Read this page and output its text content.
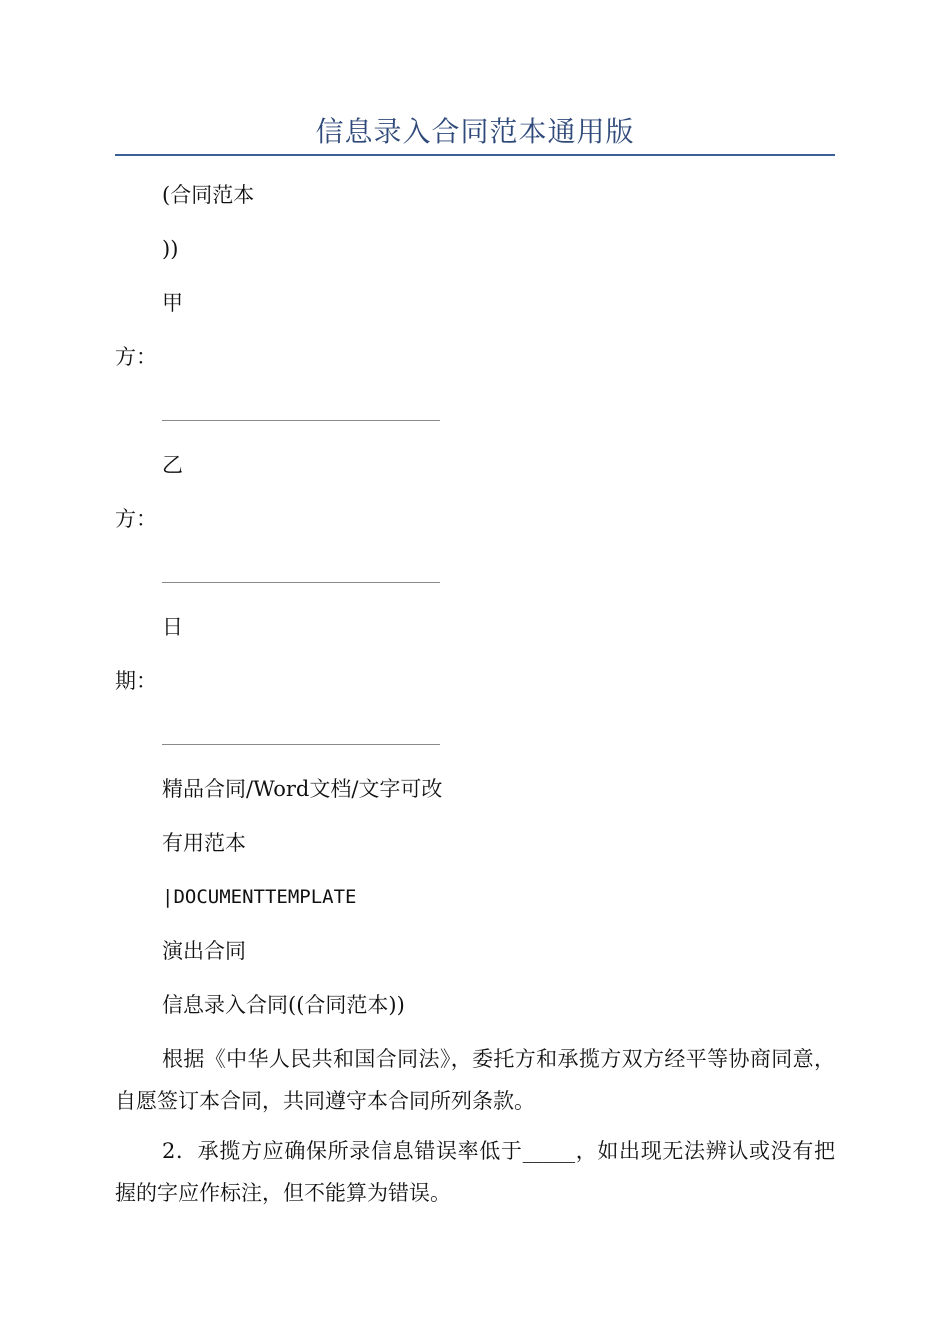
信息录入合同范本通用版
(合同范本
))
甲
方：
乙
方：
日
期：
精品合同/Word文档/文字可改
有用范本
|DOCUMENTTEMPLATE
演出合同
信息录入合同((合同范本))
根据《中华人民共和国合同法》，委托方和承揽方双方经平等协商同意，自愿签订本合同，共同遵守本合同所列条款。
2．承揽方应确保所录信息错误率低于_____，如出现无法辨认或没有把握的字应作标注，但不能算为错误。
